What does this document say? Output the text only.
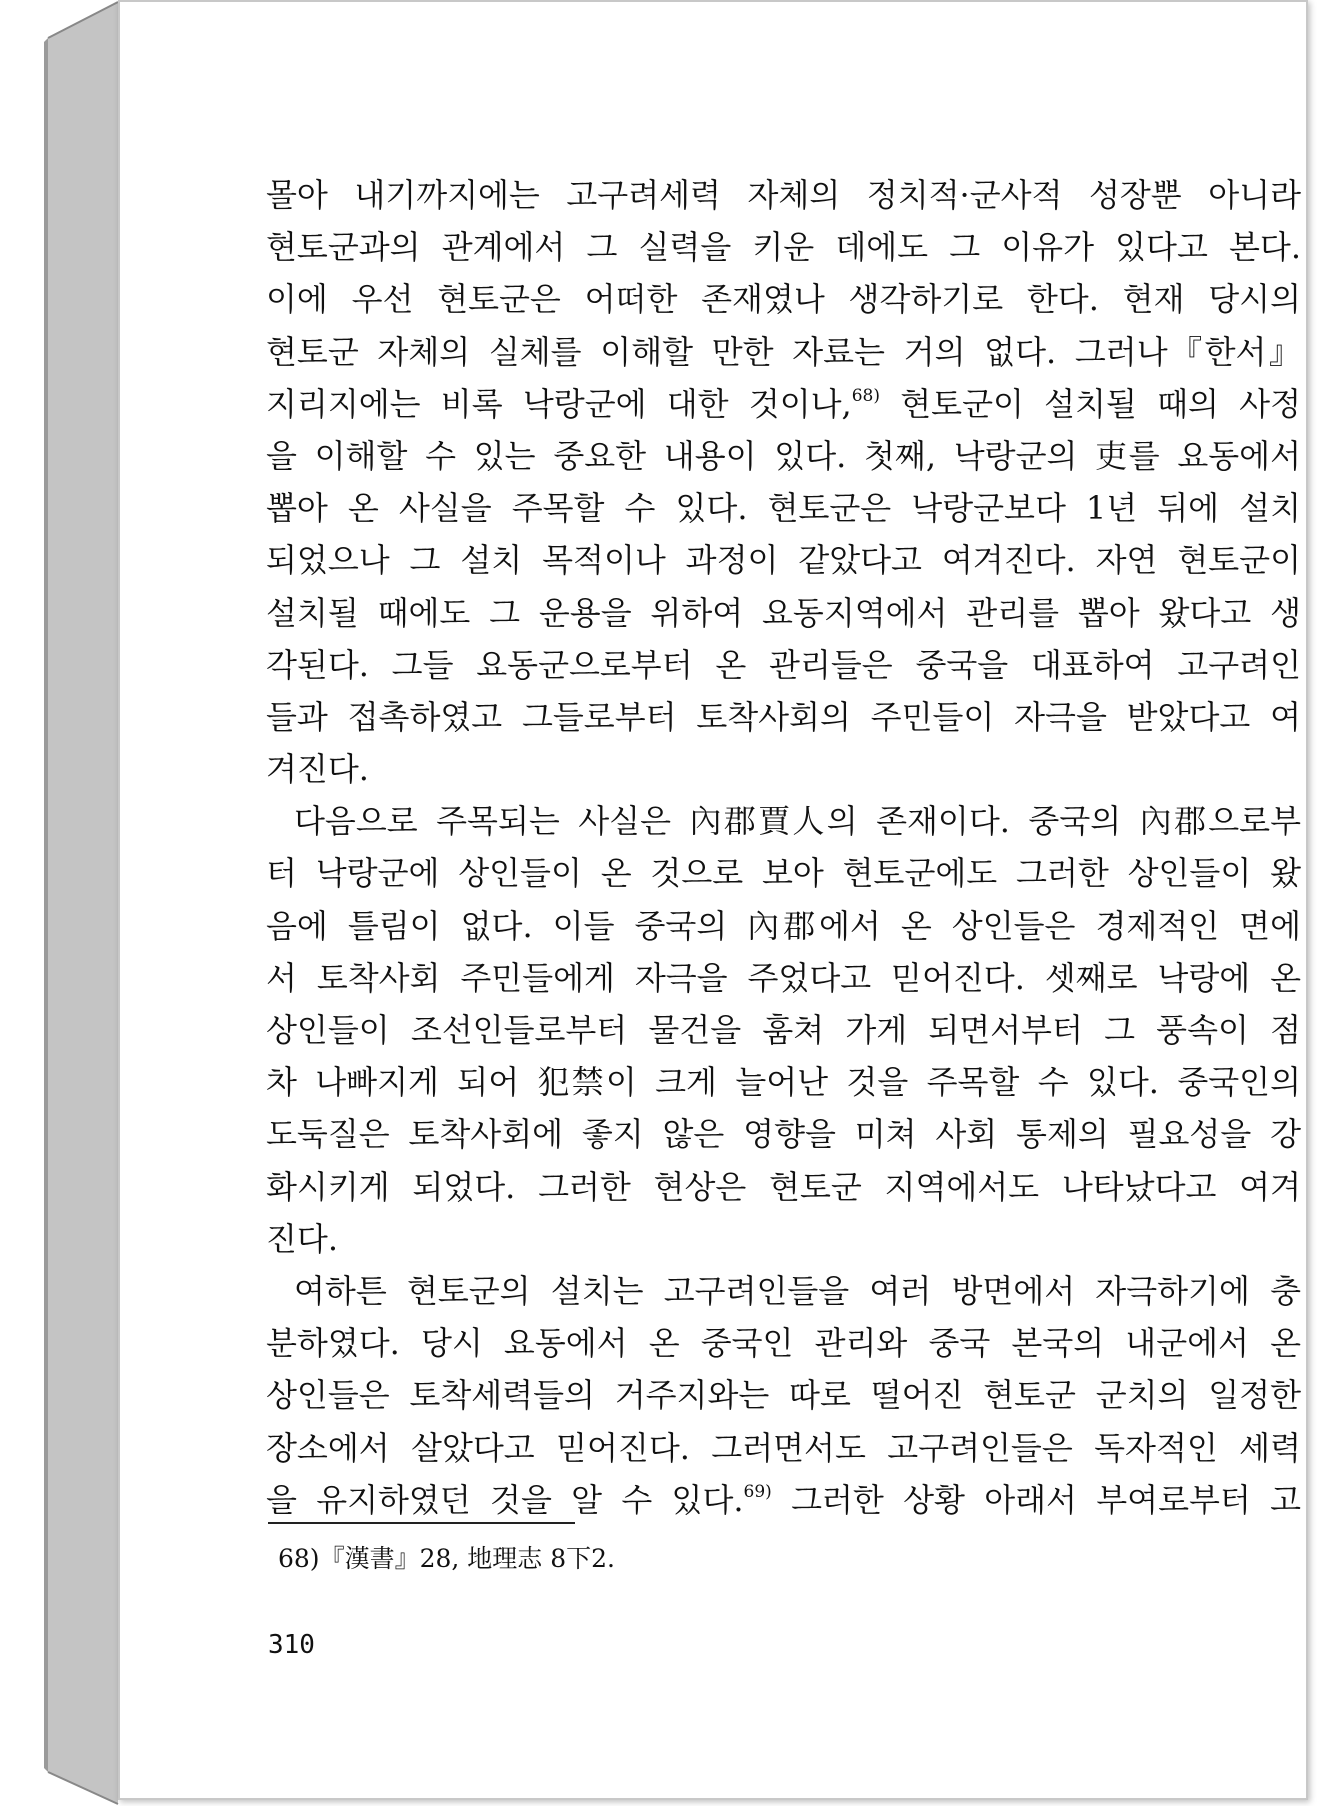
몰아 내기까지에는 고구려세력 자체의 정치적·군사적 성장뿐 아니라
현토군과의 관계에서 그 실력을 키운 데에도 그 이유가 있다고 본다.
이에 우선 현토군은 어떠한 존재였나 생각하기로 한다. 현재 당시의
현토군 자체의 실체를 이해할 만한 자료는 거의 없다. 그러나『한서』
지리지에는 비록 낙랑군에 대한 것이나,$^{68)}$ 현토군이 설치될 때의 사정
을 이해할 수 있는 중요한 내용이 있다. 첫째, 낙랑군의 吏를 요동에서
뽑아 온 사실을 주목할 수 있다. 현토군은 낙랑군보다 1년 뒤에 설치
되었으나 그 설치 목적이나 과정이 같았다고 여겨진다. 자연 현토군이
설치될 때에도 그 운용을 위하여 요동지역에서 관리를 뽑아 왔다고 생
각된다. 그들 요동군으로부터 온 관리들은 중국을 대표하여 고구려인
들과 접촉하였고 그들로부터 토착사회의 주민들이 자극을 받았다고 여
겨진다.
다음으로 주목되는 사실은 內郡賈人의 존재이다. 중국의 內郡으로부
터 낙랑군에 상인들이 온 것으로 보아 현토군에도 그러한 상인들이 왔
음에 틀림이 없다. 이들 중국의 內郡에서 온 상인들은 경제적인 면에
서 토착사회 주민들에게 자극을 주었다고 믿어진다. 셋째로 낙랑에 온
상인들이 조선인들로부터 물건을 훔쳐 가게 되면서부터 그 풍속이 점
차 나빠지게 되어 犯禁이 크게 늘어난 것을 주목할 수 있다. 중국인의
도둑질은 토착사회에 좋지 않은 영향을 미쳐 사회 통제의 필요성을 강
화시키게 되었다. 그러한 현상은 현토군 지역에서도 나타났다고 여겨
진다.
여하튼 현토군의 설치는 고구려인들을 여러 방면에서 자극하기에 충
분하였다. 당시 요동에서 온 중국인 관리와 중국 본국의 내군에서 온
상인들은 토착세력들의 거주지와는 따로 떨어진 현토군 군치의 일정한
장소에서 살았다고 믿어진다. 그러면서도 고구려인들은 독자적인 세력
을 유지하였던 것을 알 수 있다.$^{69)}$ 그러한 상황 아래서 부여로부터 고
68)『漢書』28, 地理志 8下2.
310
